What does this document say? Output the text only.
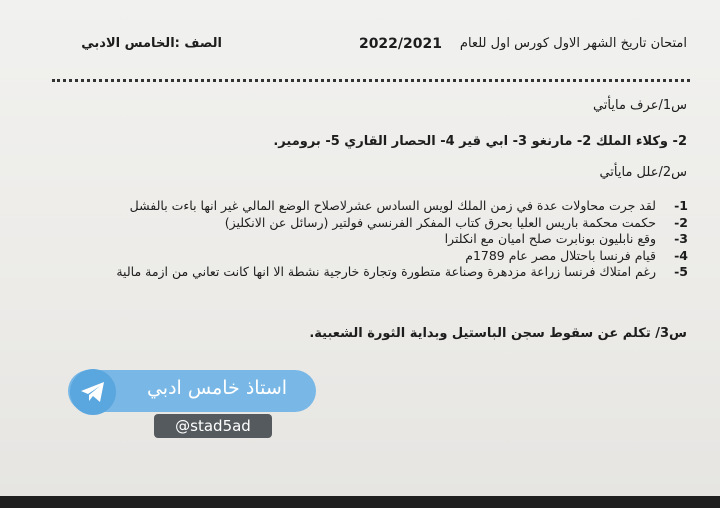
امتحان تاريخ الشهر الاول كورس اول للعام
2022/2021
الصف :الخامس الادبي
س1/عرف مايأتي
2- وكلاء الملك 2- مارنغو 3- ابي قير 4- الحصار القاري 5- برومير.
س2/علل مايأتي
1-لقد جرت محاولات عدة في زمن الملك لويس السادس عشرلاصلاح الوضع المالي غير انها باءت بالفشل
2-حكمت محكمة باريس العليا بحرق كتاب المفكر الفرنسي فولتير (رسائل عن الانكليز)
3-وقع نابليون بونابرت صلح اميان مع انكلترا
4-قيام فرنسا باحتلال مصر عام 1789م
5-رغم امتلاك فرنسا زراعة مزدهرة وصناعة متطورة وتجارة خارجية نشطة الا انها كانت تعاني من ازمة مالية
س3/ تكلم عن سقوط سجن الباستيل وبداية الثورة الشعبية.
استاذ خامس ادبي
@stad5ad
